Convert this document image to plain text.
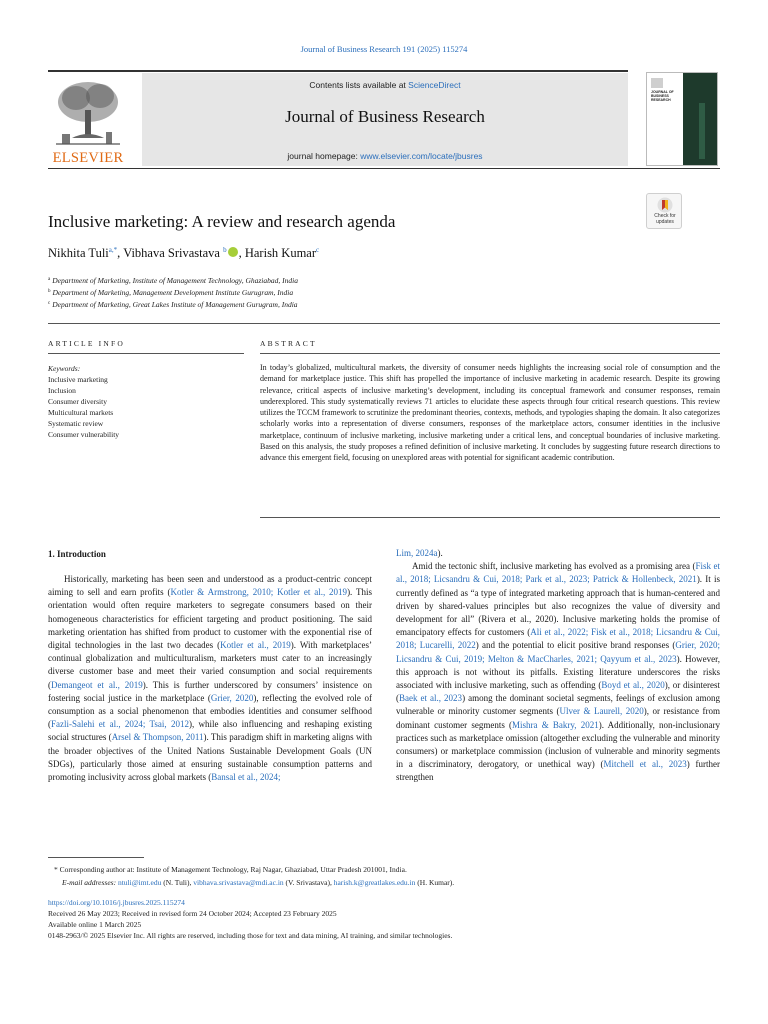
Journal of Business Research 191 (2025) 115274
ELSEVIER
Contents lists available at ScienceDirect
Journal of Business Research
journal homepage: www.elsevier.com/locate/jbusres
JOURNAL OF BUSINESS RESEARCH
Inclusive marketing: A review and research agenda	Check for
updates
Nikhita Tuli$^{a,*}$, Vibhava Srivastava $^b$ , Harish Kumar$^c$
$^a$ Department of Marketing, Institute of Management Technology, Ghaziabad, India
$^b$ Department of Marketing, Management Development Institute Gurugram, India
$^c$ Department of Marketing, Great Lakes Institute of Management Gurugram, India
ARTICLE INFO
Keywords:
Inclusive marketing
Inclusion
Consumer diversity
Multicultural markets
Systematic review
Consumer vulnerability
ABSTRACT
In today’s globalized, multicultural markets, the diversity of consumer needs highlights the increasing social role of consumption and the demand for marketplace justice. This shift has propelled the importance of inclusive marketing in academic research. Despite its growing relevance, critical aspects of inclusive marketing’s development, including its conceptual framework and consumer responses, remain underexplored. This study systematically reviews 71 articles to elucidate these aspects through four critical research questions. This review utilizes the TCCM framework to scrutinize the predominant theories, contexts, methods, and typologies shaping the domain. It also categorizes scholarly works into a representation of diverse consumers, responses of the marketplace actors, consumer identities in the inclusive marketplace, continuum of inclusive marketing, inclusive marketing under a critical lens, and conceptual boundaries of inclusive marketing. Based on this analysis, the study proposes a refined definition of inclusive marketing. It concludes by suggesting future research directions to advance this emergent field, focusing on unexplored areas with potential for significant academic contribution.
1. Introduction
Historically, marketing has been seen and understood as a product-centric concept aiming to sell and earn profits (Kotler & Armstrong, 2010; Kotler et al., 2019). This orientation would often require marketers to segregate consumers based on their homogeneous characteristics for efficient targeting and product positioning. The said marketing orientation has shifted from product to customer with the exponential rise of digital technologies in the last two decades (Kotler et al., 2019). With marketplaces’ continual globalization and multiculturalism, marketers must cater to an increasingly diverse customer base and meet their varied consumption and social requirements (Demangeot et al., 2019). This is further underscored by consumers’ insistence on fostering social justice in the marketplace (Grier, 2020), reflecting the evolved role of consumption as a social phenomenon that embodies identities and consumer selfhood (Fazli-Salehi et al., 2024; Tsai, 2012), while also influencing and reshaping existing social structures (Arsel & Thompson, 2011). This paradigm shift in marketing aligns with the broader objectives of the United Nations Sustainable Development Goals (UN SDGs), particularly those aimed at ensuring sustainable consumption patterns and promoting inclusivity across global markets (Bansal et al., 2024;
Lim, 2024a).
Amid the tectonic shift, inclusive marketing has evolved as a promising area (Fisk et al., 2018; Licsandru & Cui, 2018; Park et al., 2023; Patrick & Hollenbeck, 2021). It is currently defined as “a type of integrated marketing approach that is human-centered and driven by shared-values principles but also recognizes the value of diversity and development for all” (Rivera et al., 2020). Inclusive marketing holds the promise of emancipatory effects for customers (Ali et al., 2022; Fisk et al., 2018; Licsandru & Cui, 2018; Lucarelli, 2022) and the potential to elicit positive brand responses (Grier, 2020; Licsandru & Cui, 2019; Melton & MacCharles, 2021; Qayyum et al., 2023). However, this approach is not without its pitfalls. Existing literature underscores the risks associated with inclusive marketing, such as offending (Boyd et al., 2020), or disinterest (Baek et al., 2023) among the dominant societal segments, feelings of exclusion among vulnerable or minority customer segments (Ulver & Laurell, 2020), or resistance from dominant customer segments (Mishra & Bakry, 2021). Additionally, non-inclusionary practices such as marketplace omission (altogether excluding the vulnerable and minority consumers) or marketplace commission (inclusion of vulnerable and minority segments in a discriminatory, derogatory, or unethical way) (Mitchell et al., 2023) further strengthen
* Corresponding author at: Institute of Management Technology, Raj Nagar, Ghaziabad, Uttar Pradesh 201001, India.
E-mail addresses: ntuli@imt.edu (N. Tuli), vibhava.srivastava@mdi.ac.in (V. Srivastava), harish.k@greatlakes.edu.in (H. Kumar).
https://doi.org/10.1016/j.jbusres.2025.115274
Received 26 May 2023; Received in revised form 24 October 2024; Accepted 23 February 2025
Available online 1 March 2025
0148-2963/© 2025 Elsevier Inc. All rights are reserved, including those for text and data mining, AI training, and similar technologies.
